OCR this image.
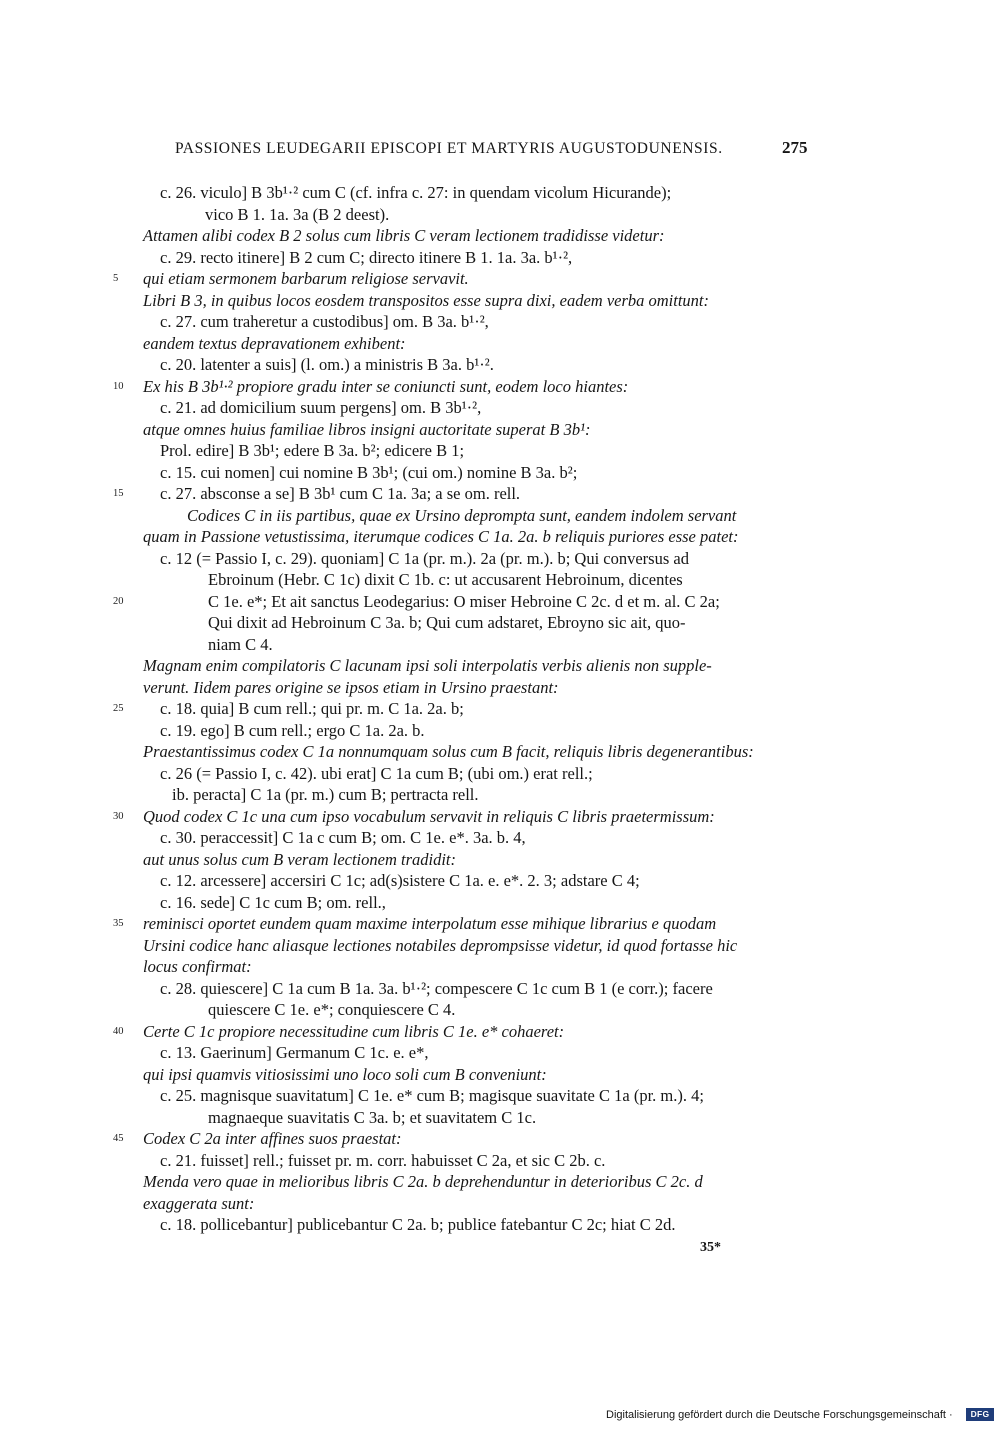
PASSIONES LEUDEGARII EPISCOPI ET MARTYRIS AUGUSTODUNENSIS.	275
c. 26. viculo] B 3b¹·² cum C (cf. infra c. 27: in quendam vicolum Hicurande);
vico B 1. 1a. 3a (B 2 deest).
Attamen alibi codex B 2 solus cum libris C veram lectionem tradidisse videtur:
c. 29. recto itinere] B 2 cum C; directo itinere B 1. 1a. 3a. b¹·²,
5 qui etiam sermonem barbarum religiose servavit.
Libri B 3, in quibus locos eosdem transpositos esse supra dixi, eadem verba omittunt:
c. 27. cum traheretur a custodibus] om. B 3a. b¹·²,
eandem textus depravationem exhibent:
c. 20. latenter a suis] (l. om.) a ministris B 3a. b¹·².
10 Ex his B 3b¹·² propiore gradu inter se coniuncti sunt, eodem loco hiantes:
c. 21. ad domicilium suum pergens] om. B 3b¹·²,
atque omnes huius familiae libros insigni auctoritate superat B 3b¹:
Prol. edire] B 3b¹; edere B 3a. b²; edicere B 1;
c. 15. cui nomen] cui nomine B 3b¹; (cui om.) nomine B 3a. b²;
15 c. 27. absconse a se] B 3b¹ cum C 1a. 3a; a se om. rell.
Codices C in iis partibus, quae ex Ursino deprompta sunt, eandem indolem servant
quam in Passione vetustissima, iterumque codices C 1a. 2a. b reliquis puriores esse patet:
c. 12 (= Passio I, c. 29). quoniam] C 1a (pr. m.). 2a (pr. m.). b; Qui conversus ad
Ebroinum (Hebr. C 1c) dixit C 1b. c: ut accusarent Hebroinum, dicentes
20	C 1e. e*; Et ait sanctus Leodegarius: O miser Hebroine C 2c. d et m. al. C 2a;
Qui dixit ad Hebroinum C 3a. b; Qui cum adstaret, Ebroyno sic ait, quo-
niam C 4.
Magnam enim compilatoris C lacunam ipsi soli interpolatis verbis alienis non supple-
verunt. Iidem pares origine se ipsos etiam in Ursino praestant:
25 c. 18. quia] B cum rell.; qui pr. m. C 1a. 2a. b;
c. 19. ego] B cum rell.; ergo C 1a. 2a. b.
Praestantissimus codex C 1a nonnumquam solus cum B facit, reliquis libris degenerantibus:
c. 26 (= Passio I, c. 42). ubi erat] C 1a cum B; (ubi om.) erat rell.;
ib. peracta] C 1a (pr. m.) cum B; pertracta rell.
30 Quod codex C 1c una cum ipso vocabulum servavit in reliquis C libris praetermissum:
c. 30. peraccessit] C 1a c cum B; om. C 1e. e*. 3a. b. 4,
aut unus solus cum B veram lectionem tradidit:
c. 12. arcessere] accersiri C 1c; ad(s)sistere C 1a. e. e*. 2. 3; adstare C 4;
c. 16. sede] C 1c cum B; om. rell.,
35 reminisci oportet eundem quam maxime interpolatum esse mihique librarius e quodam
Ursini codice hanc aliasque lectiones notabiles deprompsisse videtur, id quod fortasse hic
locus confirmat:
c. 28. quiescere] C 1a cum B 1a. 3a. b¹·²; compescere C 1c cum B 1 (e corr.); facere
quiescere C 1e. e*; conquiescere C 4.
40 Certe C 1c propiore necessitudine cum libris C 1e. e* cohaeret:
c. 13. Gaerinum] Germanum C 1c. e. e*,
qui ipsi quamvis vitiosissimi uno loco soli cum B conveniunt:
c. 25. magnisque suavitatum] C 1e. e* cum B; magisque suavitate C 1a (pr. m.). 4;
magnaeque suavitatis C 3a. b; et suavitatem C 1c.
45 Codex C 2a inter affines suos praestat:
c. 21. fuisset] rell.; fuisset pr. m. corr. habuisset C 2a, et sic C 2b. c.
Menda vero quae in melioribus libris C 2a. b deprehenduntur in deterioribus C 2c. d
exaggerata sunt:
c. 18. pollicebantur] publicebantur C 2a. b; publice fatebantur C 2c; hiat C 2d.
35*
Digitalisierung gefördert durch die Deutsche Forschungsgemeinschaft ·	DFG
